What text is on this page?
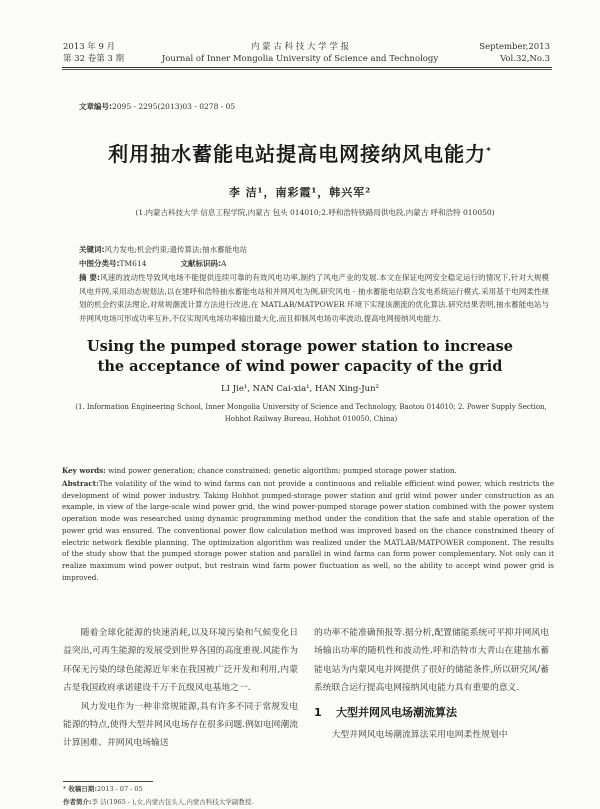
2013 年 9 月
第 32 卷第 3 期
内 蒙 古 科 技 大 学 学 报
Journal of Inner Mongolia University of Science and Technology
September,2013
Vol.32,No.3
文章编号:2095 - 2295(2013)03 - 0278 - 05
利用抽水蓄能电站提高电网接纳风电能力*
李 洁¹，南彩霞¹，韩兴军²
(1.内蒙古科技大学 信息工程学院,内蒙古 包头 014010;2.呼和浩特铁路局供电段,内蒙古 呼和浩特 010050)
关键词:风力发电;机会约束;遗传算法;抽水蓄能电站
中图分类号:TM614	文献标识码:A
摘 要:风速的波动性导致风电场不能提供连续可靠的有效风电功率,制约了风电产业的发展.本文在保证电网安全稳定运行的情况下,针对大规模风电并网,采用动态规划法,以在建呼和浩特抽水蓄能电站和并网风电为例,研究风电 - 抽水蓄能电站联合发电系统运行模式.采用基于电网柔性规划的机会约束法理论,对常规潮流计算方法进行改进,在 MATLAB/MATPOWER 环境下实现该潮流的优化算法.研究结果表明,抽水蓄能电站与并网风电场可形成功率互补,不仅实现风电场功率输出最大化,而且抑制风电场功率波动,提高电网接纳风电能力.
Using the pumped storage power station to increase
the acceptance of wind power capacity of the grid
LI Jie¹, NAN Cai-xia¹, HAN Xing-Jun²
(1. Information Engineering School, Inner Mongolia University of Science and Technology, Baotou 014010; 2. Power Supply Section, Hohhot Railway Bureau, Hohhot 010050, China)
Key words: wind power generation; chance constrained; genetic algorithm; pumped storage power station.
Abstract:The volatility of the wind to wind farms can not provide a continuous and reliable efficient wind power, which restricts the development of wind power industry. Taking Hohhot pumped-storage power station and grid wind power under construction as an example, in view of the large-scale wind power grid, the wind power-pumped storage power station combined with the power system operation mode was researched using dynamic programming method under the condition that the safe and stable operation of the power grid was ensured. The conventional power flow calculation method was improved based on the chance constrained theory of electric network flexible planning. The optimization algorithm was realized under the MATLAB/MATPOWER component. The results of the study show that the pumped storage power station and parallel in wind farms can form power complementary. Not only can it realize maximum wind power output, but restrain wind farm power fluctuation as well, so the ability to accept wind power grid is improved.

随着全球化能源的快速消耗,以及环境污染和气候变化日益突出,可再生能源的发展受到世界各国的高度重视.风能作为环保无污染的绿色能源近年来在我国被广泛开发和利用,内蒙古是我国政府承诺建设千万千瓦级风电基地之一.

风力发电作为一种非常规能源,具有许多不同于常规发电能源的特点,使得大型并网风电场存在很多问题.例如电网潮流计算困难、并网风电场输送

的功率不能准确预报等.据分析,配置储能系统可平抑并网风电场输出功率的随机性和波动性.呼和浩特市大青山在建抽水蓄能电站为内蒙风电并网提供了很好的储能条件,所以研究风/蓄系统联合运行提高电网接纳风电能力具有重要的意义.

1 大型并网风电场潮流算法

大型并网风电场潮流算法采用电网柔性规划中

* 收稿日期:2013 - 07 - 05
作者简介:李 洁(1965 - ),女,内蒙古包头人,内蒙古科技大学副教授.
